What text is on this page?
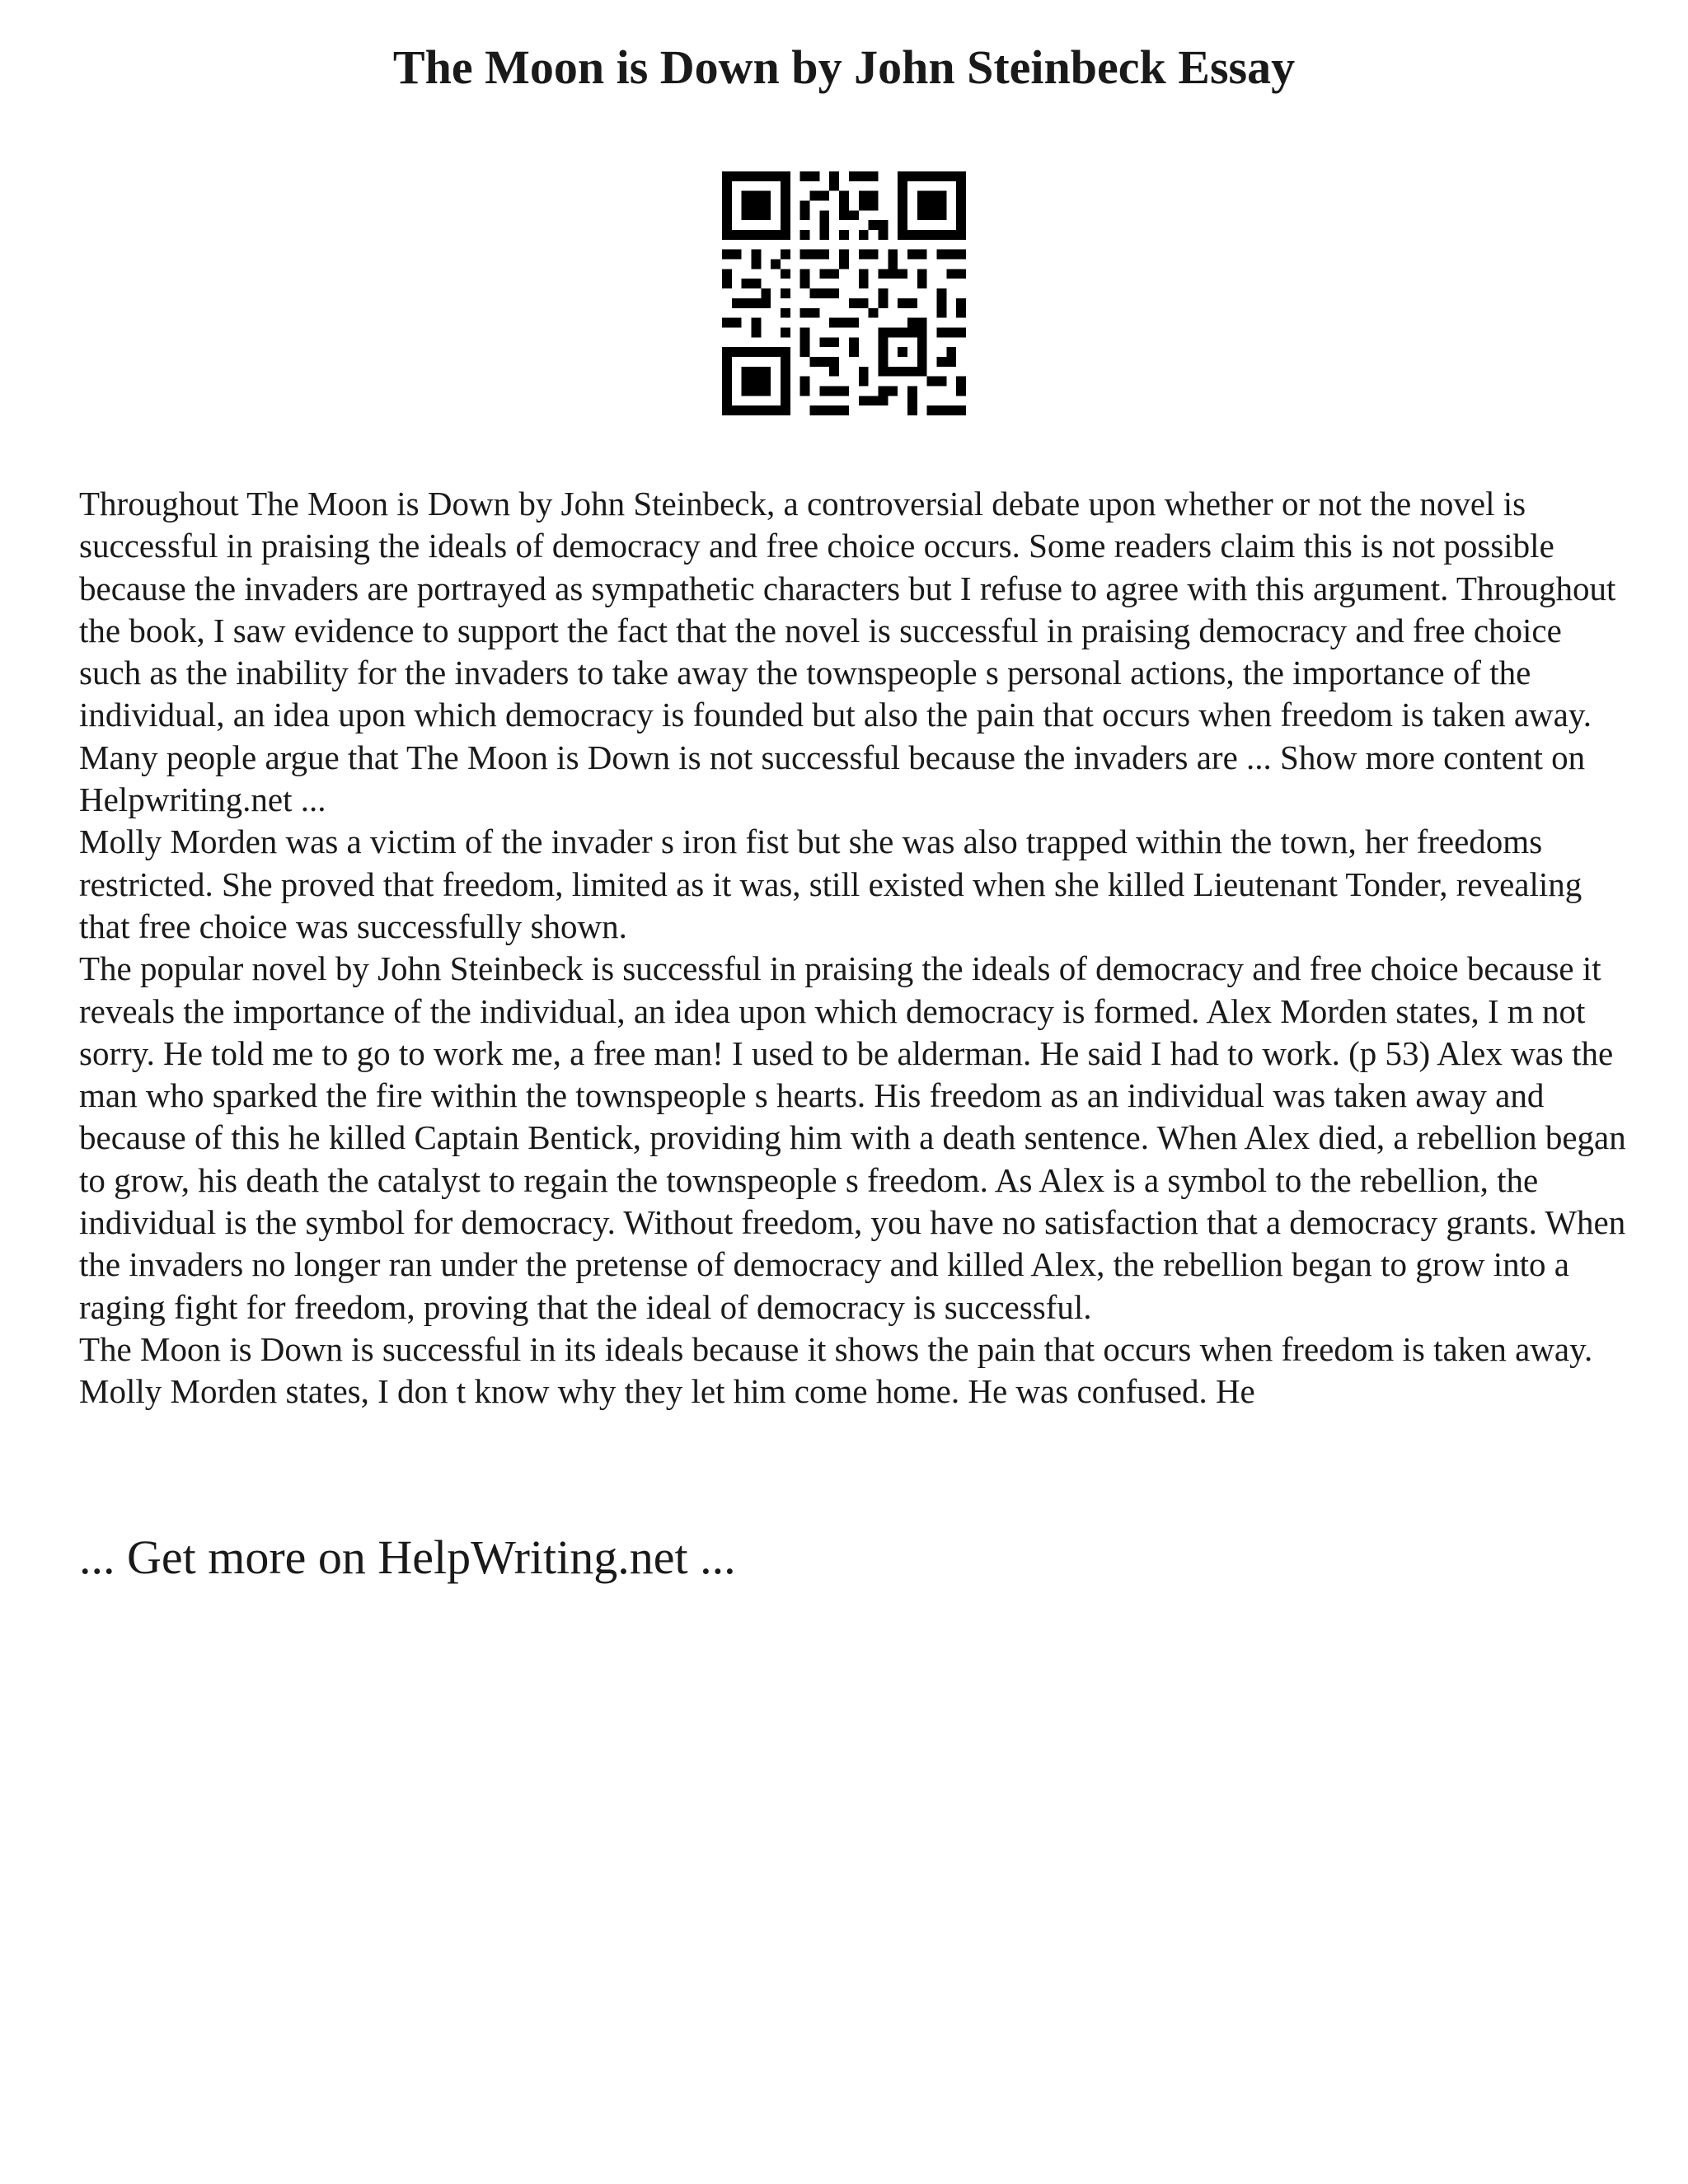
The Moon is Down by John Steinbeck Essay

Throughout The Moon is Down by John Steinbeck, a controversial debate upon whether or not the novel is successful in praising the ideals of democracy and free choice occurs. Some readers claim this is not possible because the invaders are portrayed as sympathetic characters but I refuse to agree with this argument. Throughout the book, I saw evidence to support the fact that the novel is successful in praising democracy and free choice such as the inability for the invaders to take away the townspeople s personal actions, the importance of the individual, an idea upon which democracy is founded but also the pain that occurs when freedom is taken away. Many people argue that The Moon is Down is not successful because the invaders are ... Show more content on Helpwriting.net ...

Molly Morden was a victim of the invader s iron fist but she was also trapped within the town, her freedoms restricted. She proved that freedom, limited as it was, still existed when she killed Lieutenant Tonder, revealing that free choice was successfully shown.

The popular novel by John Steinbeck is successful in praising the ideals of democracy and free choice because it reveals the importance of the individual, an idea upon which democracy is formed. Alex Morden states, I m not sorry. He told me to go to work me, a free man! I used to be alderman. He said I had to work. (p 53) Alex was the man who sparked the fire within the townspeople s hearts. His freedom as an individual was taken away and because of this he killed Captain Bentick, providing him with a death sentence. When Alex died, a rebellion began to grow, his death the catalyst to regain the townspeople s freedom. As Alex is a symbol to the rebellion, the individual is the symbol for democracy. Without freedom, you have no satisfaction that a democracy grants. When the invaders no longer ran under the pretense of democracy and killed Alex, the rebellion began to grow into a raging fight for freedom, proving that the ideal of democracy is successful.

The Moon is Down is successful in its ideals because it shows the pain that occurs when freedom is taken away. Molly Morden states, I don t know why they let him come home. He was confused. He

... Get more on HelpWriting.net ...
